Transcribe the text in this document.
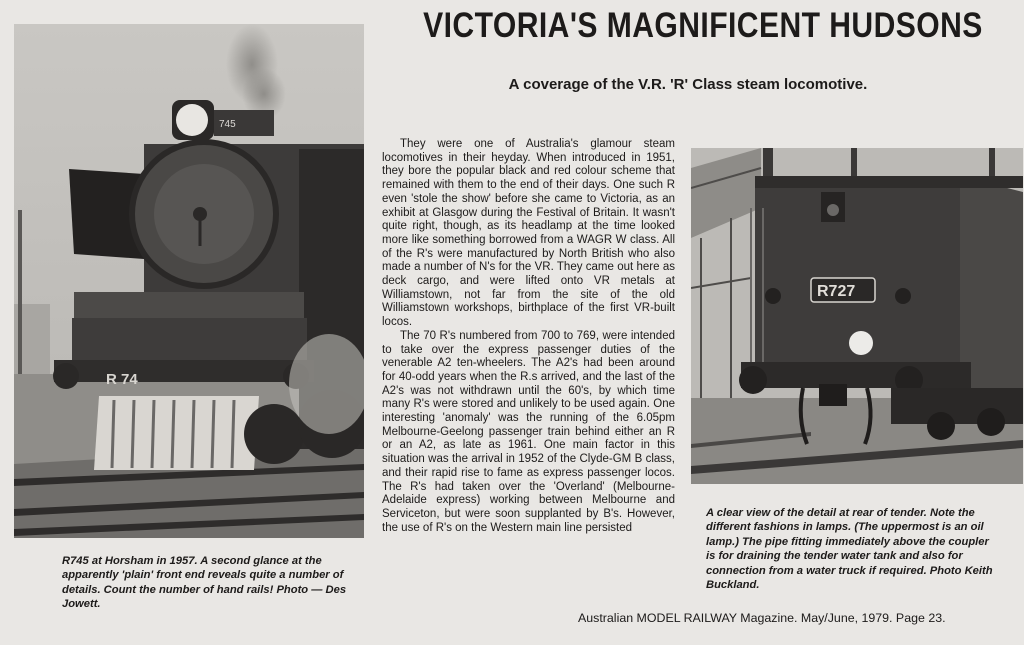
VICTORIA'S MAGNIFICENT HUDSONS
A coverage of the V.R. 'R' Class steam locomotive.
745
R 74
R745 at Horsham in 1957. A second glance at the apparently 'plain' front end reveals quite a number of details. Count the number of hand rails! Photo — Des Jowett.

They were one of Australia's glamour steam locomotives in their heyday. When introduced in 1951, they bore the popular black and red colour scheme that remained with them to the end of their days. One such R even 'stole the show' before she came to Victoria, as an exhibit at Glasgow during the Festival of Britain. It wasn't quite right, though, as its headlamp at the time looked more like something borrowed from a WAGR W class. All of the R's were manufactured by North British who also made a number of N's for the VR. They came out here as deck cargo, and were lifted onto VR metals at Williamstown, not far from the site of the old Williamstown workshops, birthplace of the first VR-built locos.

The 70 R's numbered from 700 to 769, were intended to take over the express passenger duties of the venerable A2 ten-wheelers. The A2's had been around for 40-odd years when the R.s arrived, and the last of the A2's was not withdrawn until the 60's, by which time many R's were stored and unlikely to be used again. One interesting 'anomaly' was the running of the 6.05pm Melbourne-Geelong passenger train behind either an R or an A2, as late as 1961. One main factor in this situation was the arrival in 1952 of the Clyde-GM B class, and their rapid rise to fame as express passenger locos. The R's had taken over the 'Overland' (Melbourne-Adelaide express) working between Melbourne and Serviceton, but were soon supplanted by B's. However, the use of R's on the Western main line persisted

R727
A clear view of the detail at rear of tender. Note the different fashions in lamps. (The uppermost is an oil lamp.) The pipe fitting immediately above the coupler is for draining the tender water tank and also for connection from a water truck if required. Photo Keith Buckland.
Australian MODEL RAILWAY Magazine. May/June, 1979. Page 23.
